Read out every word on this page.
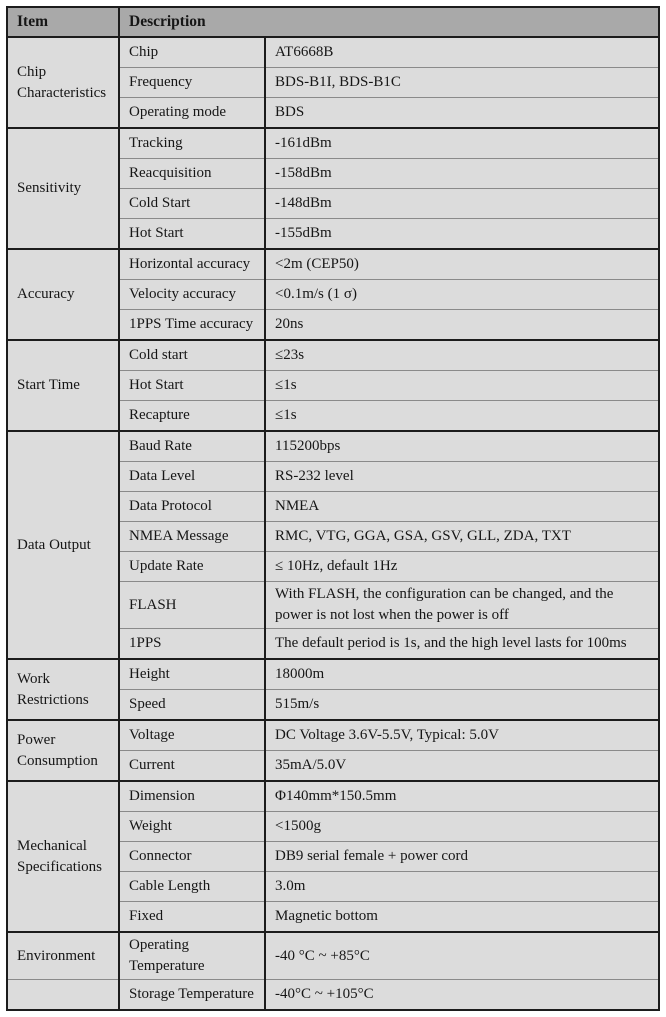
Item	Description	
Chip Characteristics	Chip	AT6668B
	Frequency	BDS-B1I, BDS-B1C
	Operating mode	BDS
Sensitivity	Tracking	-161dBm
	Reacquisition	-158dBm
	Cold Start	-148dBm
	Hot Start	-155dBm
Accuracy	Horizontal accuracy	<2m (CEP50)
	Velocity accuracy	<0.1m/s (1 σ)
	1PPS Time accuracy	20ns
Start Time	Cold start	≤23s
	Hot Start	≤1s
	Recapture	≤1s
Data Output	Baud Rate	115200bps
	Data Level	RS-232 level
	Data Protocol	NMEA
	NMEA Message	RMC, VTG, GGA, GSA, GSV, GLL, ZDA, TXT
	Update Rate	≤ 10Hz, default 1Hz
	FLASH	With FLASH, the configuration can be changed, and the power is not lost when the power is off
	1PPS	The default period is 1s, and the high level lasts for 100ms
Work Restrictions	Height	18000m
	Speed	515m/s
Power Consumption	Voltage	DC Voltage 3.6V-5.5V, Typical: 5.0V
	Current	35mA/5.0V
Mechanical Specifications	Dimension	Φ140mm*150.5mm
	Weight	<1500g
	Connector	DB9 serial female + power cord
	Cable Length	3.0m
	Fixed	Magnetic bottom
Environment	Operating Temperature	-40 °C ~ +85°C
	Storage Temperature	-40°C ~ +105°C
